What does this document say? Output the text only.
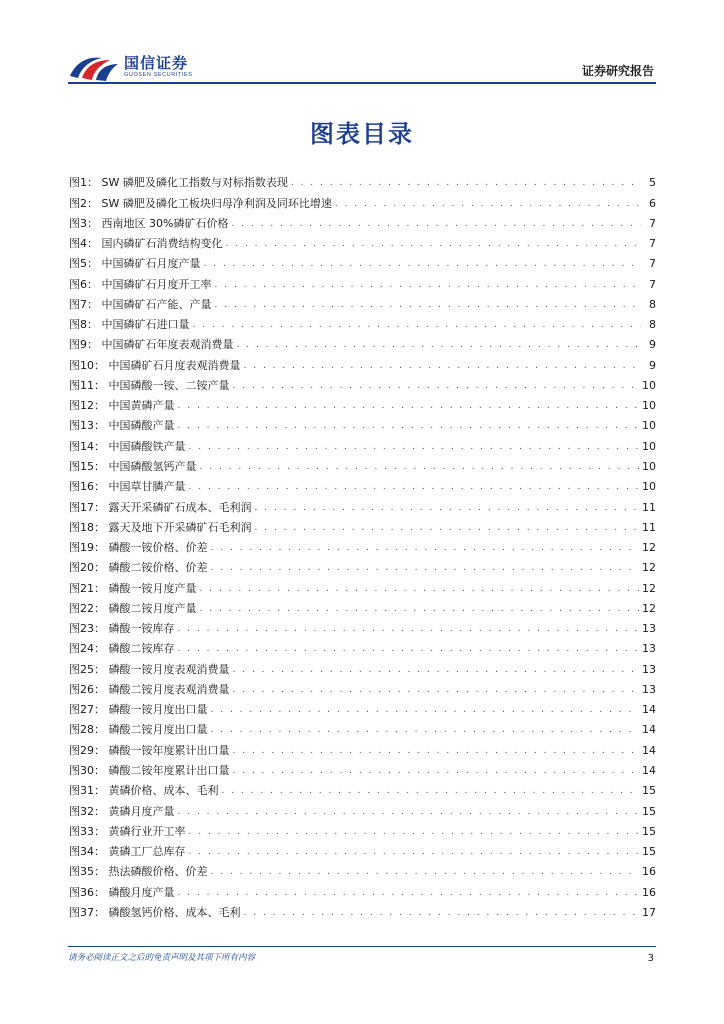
国信证券
GUOSEN SECURITIES	证券研究报告
图表目录
图1： SW 磷肥及磷化工指数与对标指数表现 . . .	5
图2： SW 磷肥及磷化工板块归母净利润及同环比增速 . . .	6
图3： 西南地区 30%磷矿石价格 . . .	7
图4： 国内磷矿石消费结构变化 . . .	7
图5： 中国磷矿石月度产量 . . .	7
图6： 中国磷矿石月度开工率 . . .	7
图7： 中国磷矿石产能、产量 . . .	8
图8： 中国磷矿石进口量 . . .	8
图9： 中国磷矿石年度表观消费量 . . .	9
图10： 中国磷矿石月度表观消费量 . . .	9
图11： 中国磷酸一铵、二铵产量 . . .	10
图12： 中国黄磷产量 . . .	10
图13： 中国磷酸产量 . . .	10
图14： 中国磷酸铁产量 . . .	10
图15： 中国磷酸氢钙产量 . . .	10
图16： 中国草甘膦产量 . . .	10
图17： 露天开采磷矿石成本、毛利润 . . .	11
图18： 露天及地下开采磷矿石毛利润 . . .	11
图19： 磷酸一铵价格、价差 . . .	12
图20： 磷酸二铵价格、价差 . . .	12
图21： 磷酸一铵月度产量 . . .	12
图22： 磷酸二铵月度产量 . . .	12
图23： 磷酸一铵库存 . . .	13
图24： 磷酸二铵库存 . . .	13
图25： 磷酸一铵月度表观消费量 . . .	13
图26： 磷酸二铵月度表观消费量 . . .	13
图27： 磷酸一铵月度出口量 . . .	14
图28： 磷酸二铵月度出口量 . . .	14
图29： 磷酸一铵年度累计出口量 . . .	14
图30： 磷酸二铵年度累计出口量 . . .	14
图31： 黄磷价格、成本、毛利 . . .	15
图32： 黄磷月度产量 . . .	15
图33： 黄磷行业开工率 . . .	15
图34： 黄磷工厂总库存 . . .	15
图35： 热法磷酸价格、价差 . . .	16
图36： 磷酸月度产量 . . .	16
图37： 磷酸氢钙价格、成本、毛利 . . .	17
请务必阅读正文之后的免责声明及其项下所有内容	3
